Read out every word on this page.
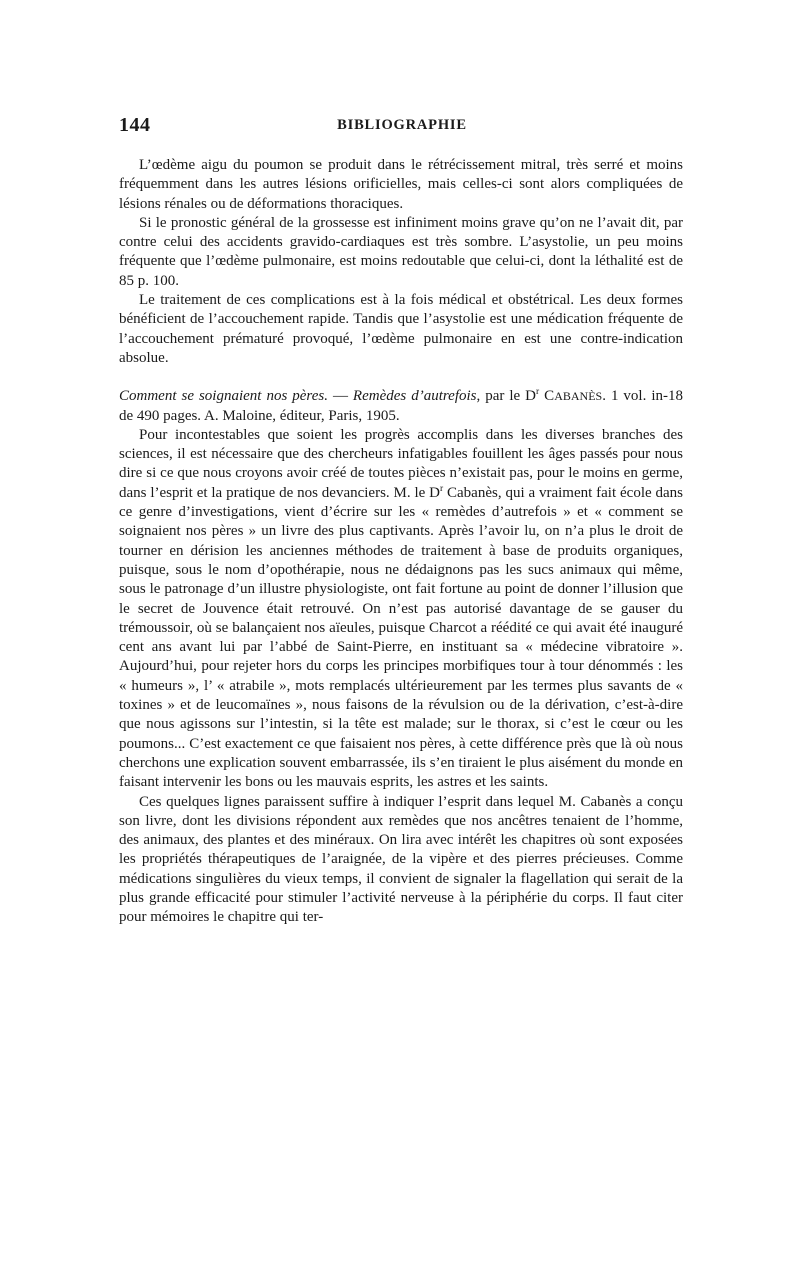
144	BIBLIOGRAPHIE

L’œdème aigu du poumon se produit dans le rétrécissement mitral, très serré et moins fréquemment dans les autres lésions orificielles, mais celles-ci sont alors compliquées de lésions rénales ou de déformations thoraciques.

Si le pronostic général de la grossesse est infiniment moins grave qu’on ne l’avait dit, par contre celui des accidents gravido-cardiaques est très sombre. L’asystolie, un peu moins fréquente que l’œdème pulmonaire, est moins redoutable que celui-ci, dont la léthalité est de 85 p. 100.

Le traitement de ces complications est à la fois médical et obstétrical. Les deux formes bénéficient de l’accouchement rapide. Tandis que l’asystolie est une médication fréquente de l’accouchement prématuré provoqué, l’œdème pulmonaire en est une contre-indication absolue.

Comment se soignaient nos pères. — Remèdes d’autrefois, par le $D^r$ CABANÈS. 1 vol. in-18 de 490 pages. A. Maloine, éditeur, Paris, 1905.

Pour incontestables que soient les progrès accomplis dans les diverses branches des sciences, il est nécessaire que des chercheurs infatigables fouillent les âges passés pour nous dire si ce que nous croyons avoir créé de toutes pièces n’existait pas, pour le moins en germe, dans l’esprit et la pratique de nos devanciers. M. le $D^r$ Cabanès, qui a vraiment fait école dans ce genre d’investigations, vient d’écrire sur les « remèdes d’autrefois » et « comment se soignaient nos pères » un livre des plus captivants. Après l’avoir lu, on n’a plus le droit de tourner en dérision les anciennes méthodes de traitement à base de produits organiques, puisque, sous le nom d’opothérapie, nous ne dédaignons pas les sucs animaux qui même, sous le patronage d’un illustre physiologiste, ont fait fortune au point de donner l’illusion que le secret de Jouvence était retrouvé. On n’est pas autorisé davantage de se gauser du trémoussoir, où se balançaient nos aïeules, puisque Charcot a réédité ce qui avait été inauguré cent ans avant lui par l’abbé de Saint-Pierre, en instituant sa « médecine vibratoire ». Aujourd’hui, pour rejeter hors du corps les principes morbifiques tour à tour dénommés : les « humeurs », l’ « atrabile », mots remplacés ultérieurement par les termes plus savants de « toxines » et de leucomaïnes », nous faisons de la révulsion ou de la dérivation, c’est-à-dire que nous agissons sur l’intestin, si la tête est malade; sur le thorax, si c’est le cœur ou les poumons... C’est exactement ce que faisaient nos pères, à cette différence près que là où nous cherchons une explication souvent embarrassée, ils s’en tiraient le plus aisément du monde en faisant intervenir les bons ou les mauvais esprits, les astres et les saints.

Ces quelques lignes paraissent suffire à indiquer l’esprit dans lequel M. Cabanès a conçu son livre, dont les divisions répondent aux remèdes que nos ancêtres tenaient de l’homme, des animaux, des plantes et des minéraux. On lira avec intérêt les chapitres où sont exposées les propriétés thérapeutiques de l’araignée, de la vipère et des pierres précieuses. Comme médications singulières du vieux temps, il convient de signaler la flagellation qui serait de la plus grande efficacité pour stimuler l’activité nerveuse à la périphérie du corps. Il faut citer pour mémoires le chapitre qui ter-
